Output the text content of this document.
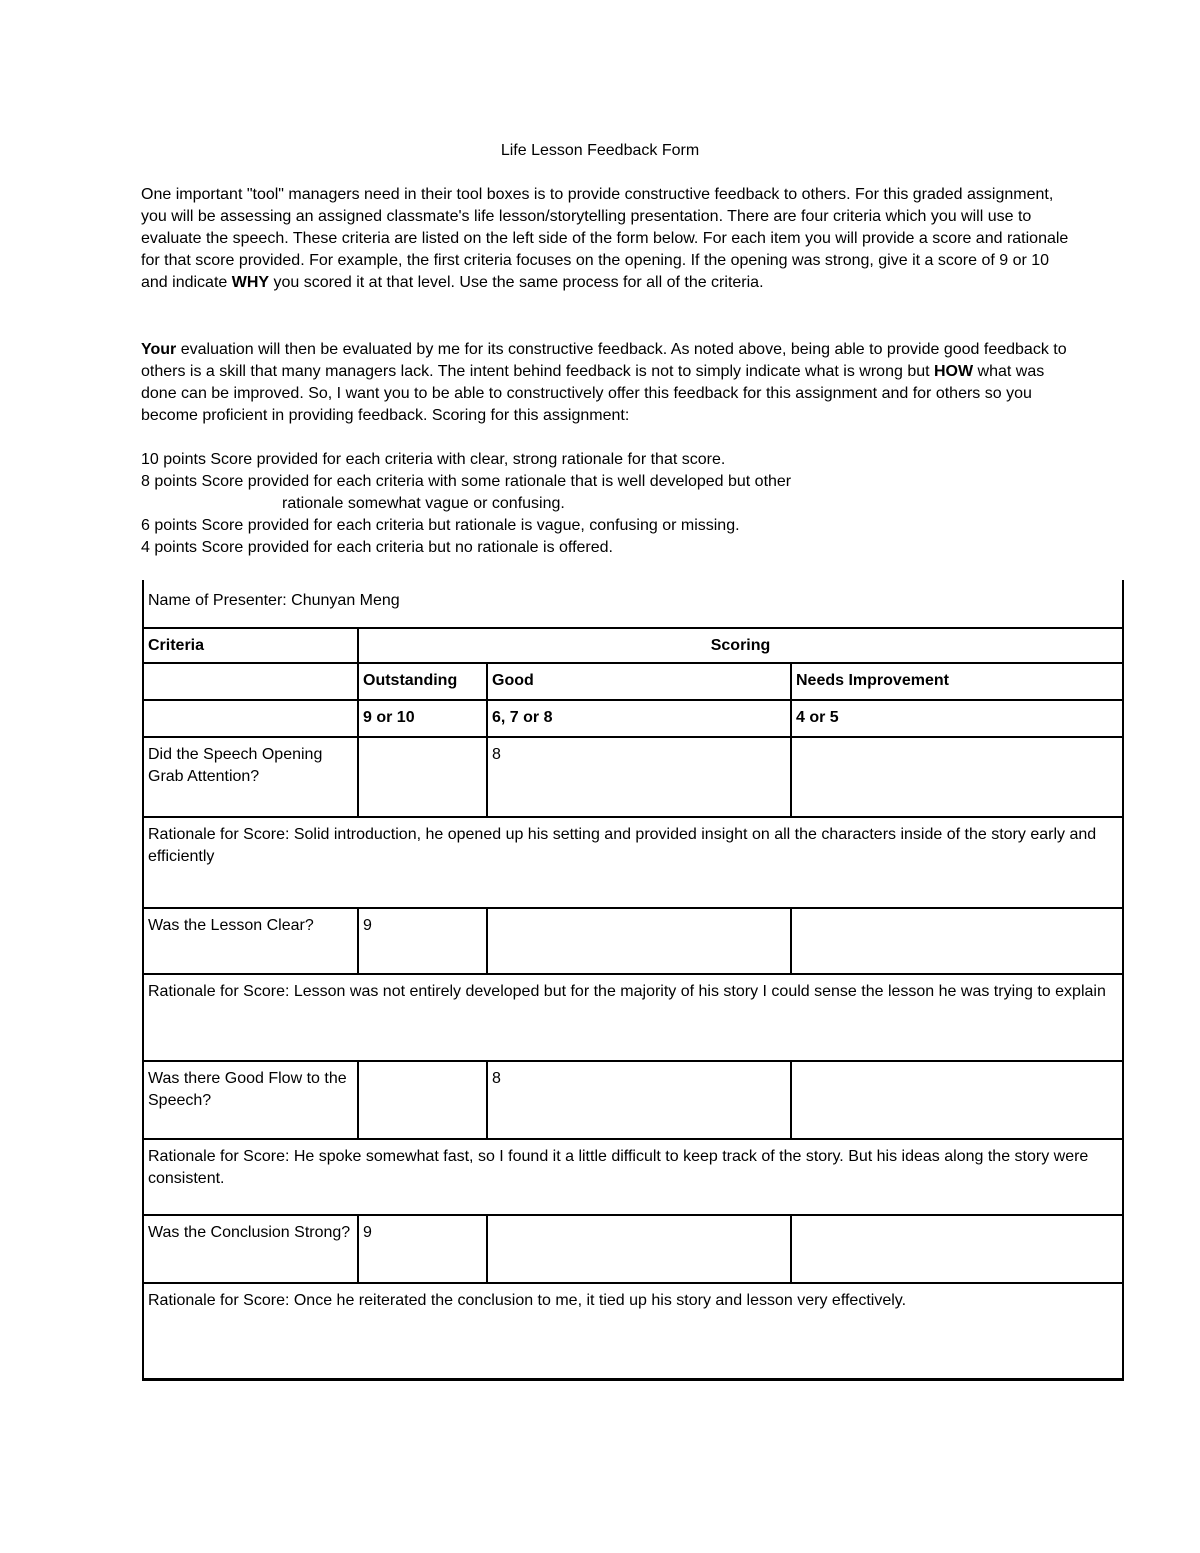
Life Lesson Feedback Form

One important "tool" managers need in their tool boxes is to provide constructive feedback to others. For this graded assignment, you will be assessing an assigned classmate's life lesson/storytelling presentation. There are four criteria which you will use to evaluate the speech. These criteria are listed on the left side of the form below. For each item you will provide a score and rationale for that score provided. For example, the first criteria focuses on the opening. If the opening was strong, give it a score of 9 or 10 and indicate WHY you scored it at that level. Use the same process for all of the criteria.

Your evaluation will then be evaluated by me for its constructive feedback. As noted above, being able to provide good feedback to others is a skill that many managers lack. The intent behind feedback is not to simply indicate what is wrong but HOW what was done can be improved. So, I want you to be able to constructively offer this feedback for this assignment and for others so you become proficient in providing feedback. Scoring for this assignment:

10 points Score provided for each criteria with clear, strong rationale for that score.
8 points Score provided for each criteria with some rationale that is well developed but other
rationale somewhat vague or confusing.
6 points Score provided for each criteria but rationale is vague, confusing or missing.
4 points Score provided for each criteria but no rationale is offered.
Name of Presenter: Chunyan Meng			
Criteria	Scoring		
	Outstanding	Good	Needs Improvement
	9 or 10	6, 7 or 8	4 or 5
Did the Speech Opening Grab Attention?		8	
Rationale for Score: Solid introduction, he opened up his setting and provided insight on all the characters inside of the story early and efficiently			
Was the Lesson Clear?	9		
Rationale for Score: Lesson was not entirely developed but for the majority of his story I could sense the lesson he was trying to explain			
Was there Good Flow to the Speech?		8	
Rationale for Score: He spoke somewhat fast, so I found it a little difficult to keep track of the story. But his ideas along the story were consistent.			
Was the Conclusion Strong?	9		
Rationale for Score: Once he reiterated the conclusion to me, it tied up his story and lesson very effectively.			
